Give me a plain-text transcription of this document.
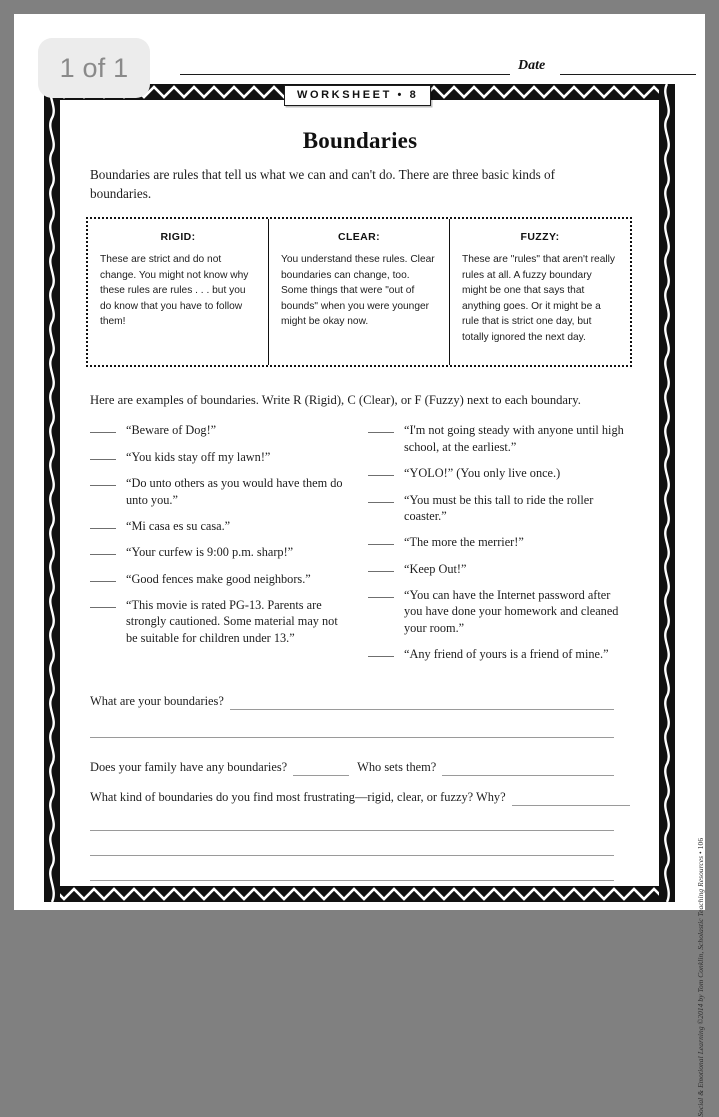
Date
WORKSHEET • 8
Boundaries
Boundaries are rules that tell us what we can and can't do. There are three basic kinds of boundaries.
RIGID:
These are strict and do not change. You might not know why these rules are rules . . . but you do know that you have to follow them!
CLEAR:
You understand these rules. Clear boundaries can change, too. Some things that were "out of bounds" when you were younger might be okay now.
FUZZY:
These are "rules" that aren't really rules at all. A fuzzy boundary might be one that says that anything goes. Or it might be a rule that is strict one day, but totally ignored the next day.
Here are examples of boundaries. Write R (Rigid), C (Clear), or F (Fuzzy) next to each boundary.
“Beware of Dog!”
“You kids stay off my lawn!”
“Do unto others as you would have them do unto you.”
“Mi casa es su casa.”
“Your curfew is 9:00 p.m. sharp!”
“Good fences make good neighbors.”
“This movie is rated PG-13. Parents are strongly cautioned. Some material may not be suitable for children under 13.”
“I'm not going steady with anyone until high school, at the earliest.”
“YOLO!” (You only live once.)
“You must be this tall to ride the roller coaster.”
“The more the merrier!”
“Keep Out!”
“You can have the Internet password after you have done your homework and cleaned your room.”
“Any friend of yours is a friend of mine.”
What are your boundaries?
Does your family have any boundaries?	Who sets them?
What kind of boundaries do you find most frustrating—rigid, clear, or fuzzy? Why?
Social & Emotional Learning ©2014 by Tom Conklin, Scholastic Teaching Resources • 106
1 of 1
